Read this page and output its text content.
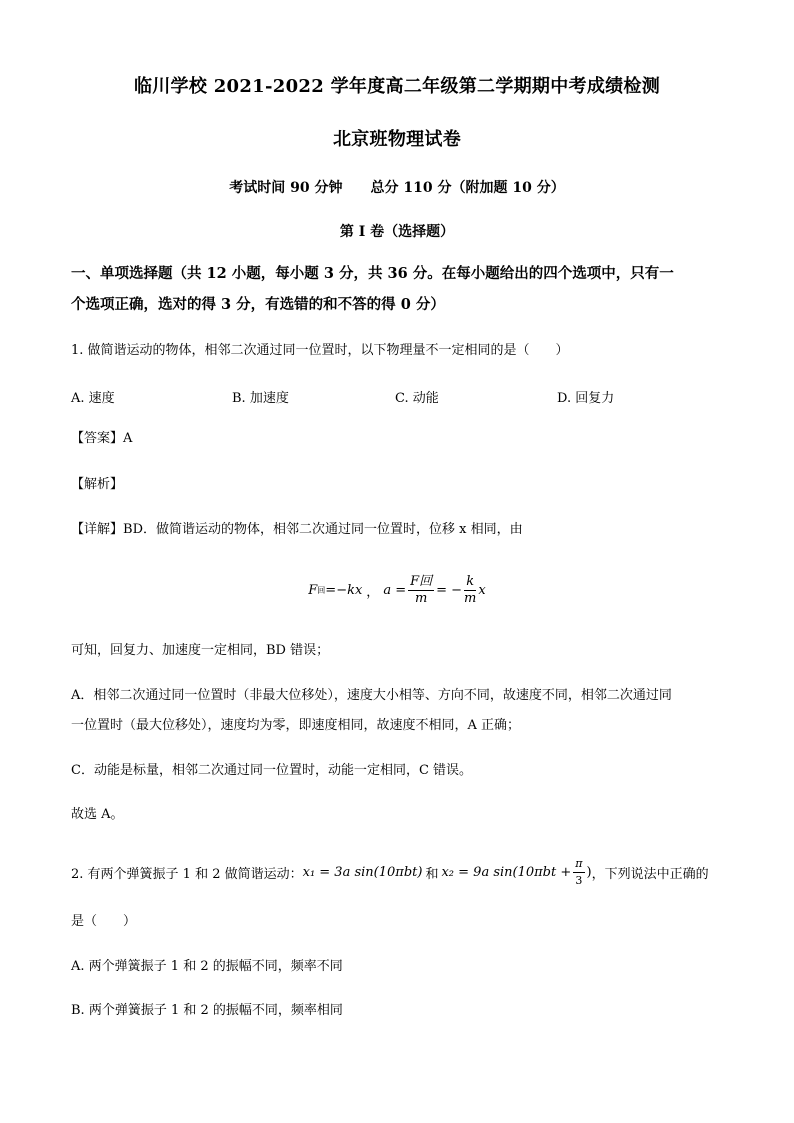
临川学校 2021-2022 学年度高二年级第二学期期中考成绩检测
北京班物理试卷
考试时间 90 分钟　　总分 110 分（附加题 10 分）
第 I 卷（选择题）
一、单项选择题（共 12 小题，每小题 3 分，共 36 分。在每小题给出的四个选项中，只有一
个选项正确，选对的得 3 分，有选错的和不答的得 0 分）
1. 做简谐运动的物体，相邻二次通过同一位置时，以下物理量不一定相同的是（　　）
A. 速度	B. 加速度	C. 动能	D. 回复力
【答案】A
【解析】
【详解】BD．做简谐运动的物体，相邻二次通过同一位置时，位移 x 相同，由
F 回 =−kx ， $a = \frac{\text{F回}}{m}$ = − $\frac{k}{m}$ x
可知，回复力、加速度一定相同，BD 错误；
A．相邻二次通过同一位置时（非最大位移处），速度大小相等、方向不同，故速度不同，相邻二次通过同
一位置时（最大位移处），速度均为零，即速度相同，故速度不相同，A 正确；
C．动能是标量，相邻二次通过同一位置时，动能一定相同，C 错误。
故选 A。
2. 有两个弹簧振子 1 和 2 做简谐运动： x₁ = 3a sin(10πbt) 和 x₂ = 9a $\sin(10\pi bt + \frac{\pi}{3}$ ) ，下列说法中正确的
是（　　）
A. 两个弹簧振子 1 和 2 的振幅不同，频率不同
B. 两个弹簧振子 1 和 2 的振幅不同，频率相同
